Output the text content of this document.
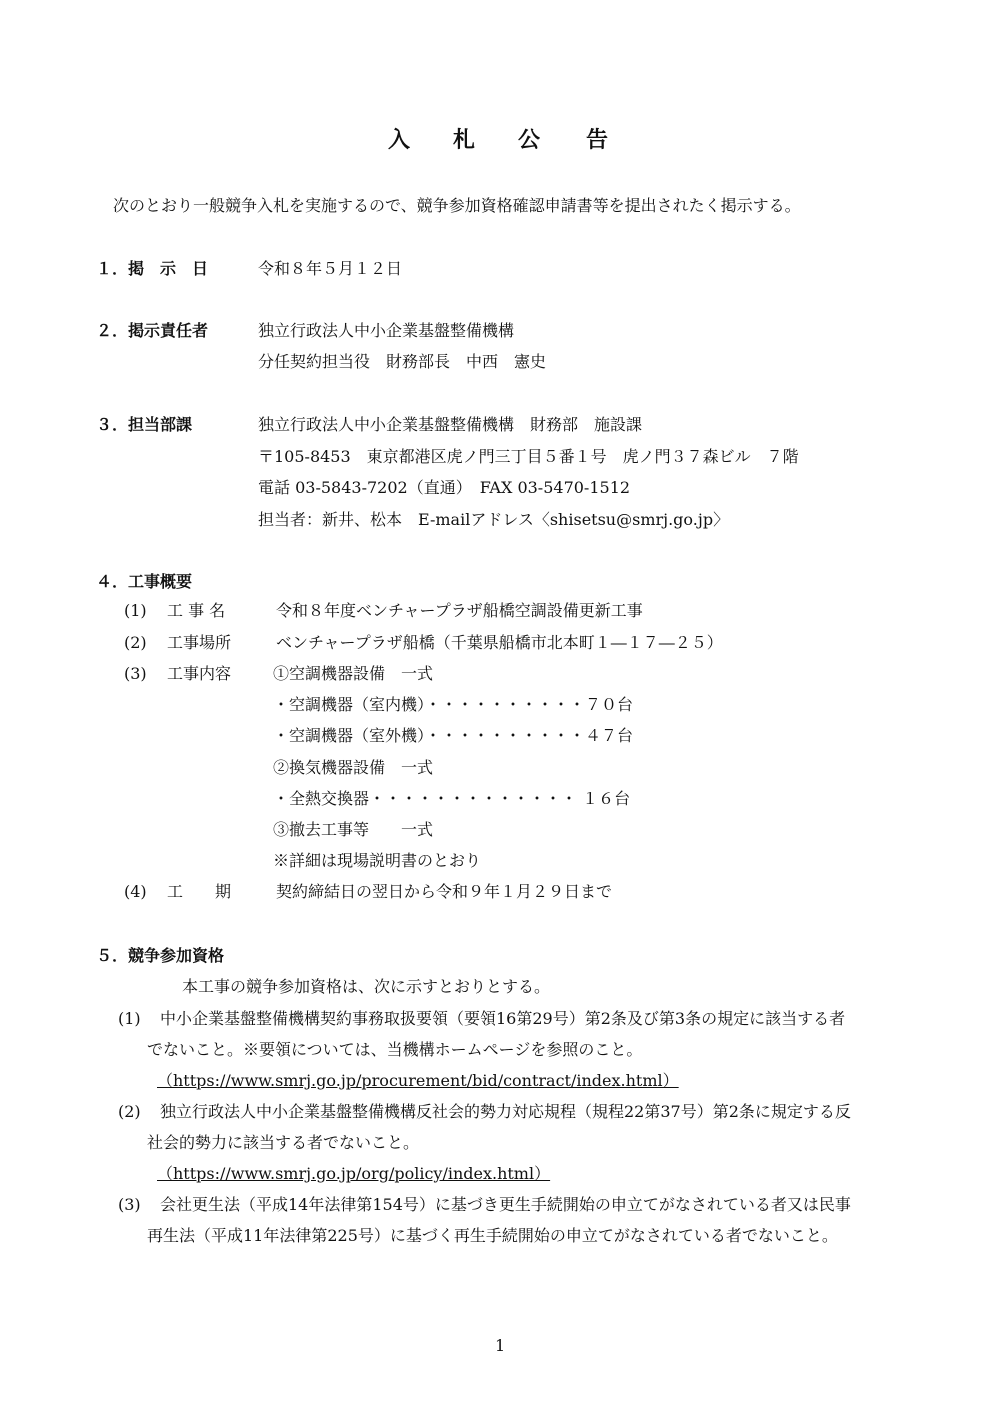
入 札 公 告
次のとおり一般競争入札を実施するので、競争参加資格確認申請書等を提出されたく掲示する。
１．掲　示　日	令和８年５月１２日
２．掲示責任者	独立行政法人中小企業基盤整備機構
分任契約担当役　財務部長　中西　憲史
３．担当部課	独立行政法人中小企業基盤整備機構　財務部　施設課
〒105-8453　東京都港区虎ノ門三丁目５番１号　虎ノ門３７森ビル　７階
電話 03-5843-7202（直通）　FAX 03-5470-1512
担当者：新井、松本　E-mailアドレス〈shisetsu@smrj.go.jp〉
４．工事概要
(1) 工 事 名	令和８年度ベンチャープラザ船橋空調設備更新工事
(2) 工事場所	ベンチャープラザ船橋（千葉県船橋市北本町１―１７―２５）
(3) 工事内容	①空調機器設備　一式
・空調機器（室内機）・・・・・・・・・・７０台
・空調機器（室外機）・・・・・・・・・・４７台
②換気機器設備　一式
・全熱交換器・・・・・・・・・・・・・ １６台
③撤去工事等　　一式
※詳細は現場説明書のとおり
(4) 工　　期	契約締結日の翌日から令和９年１月２９日まで
５．競争参加資格
本工事の競争参加資格は、次に示すとおりとする。
(1) 中小企業基盤整備機構契約事務取扱要領（要領16第29号）第2条及び第3条の規定に該当する者
でないこと。※要領については、当機構ホームページを参照のこと。
（https://www.smrj.go.jp/procurement/bid/contract/index.html）
(2) 独立行政法人中小企業基盤整備機構反社会的勢力対応規程（規程22第37号）第2条に規定する反
社会的勢力に該当する者でないこと。
（https://www.smrj.go.jp/org/policy/index.html）
(3) 会社更生法（平成14年法律第154号）に基づき更生手続開始の申立てがなされている者又は民事
再生法（平成11年法律第225号）に基づく再生手続開始の申立てがなされている者でないこと。
1
